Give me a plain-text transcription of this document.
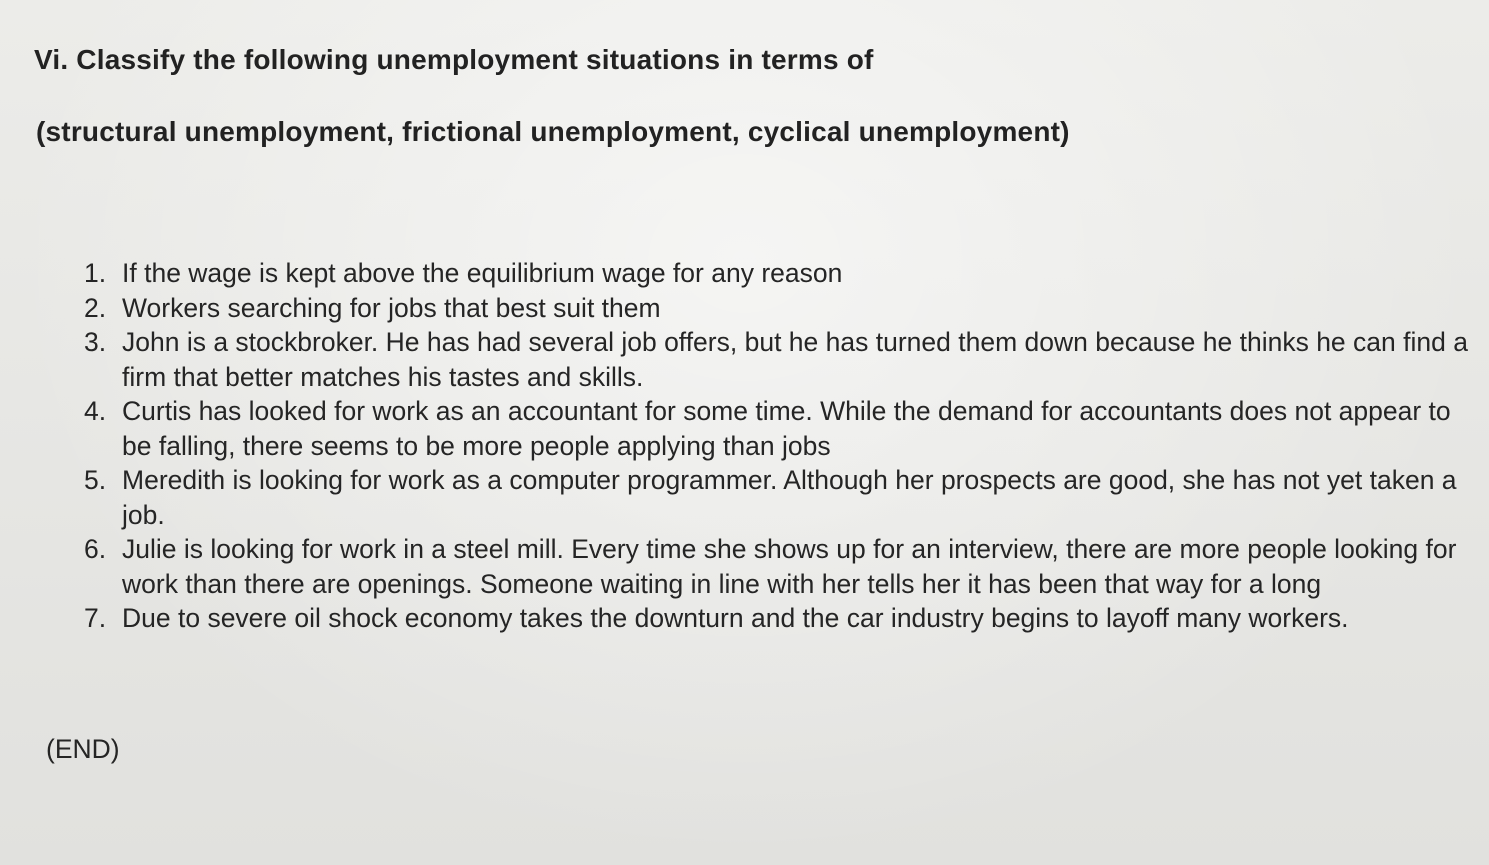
Vi. Classify the following unemployment situations in terms of
(structural unemployment, frictional unemployment, cyclical unemployment)
1. If the wage is kept above the equilibrium wage for any reason
2. Workers searching for jobs that best suit them
3. John is a stockbroker. He has had several job offers, but he has turned them down because he thinks he can find a firm that better matches his tastes and skills.
4. Curtis has looked for work as an accountant for some time. While the demand for accountants does not appear to be falling, there seems to be more people applying than jobs
5. Meredith is looking for work as a computer programmer. Although her prospects are good, she has not yet taken a job.
6. Julie is looking for work in a steel mill. Every time she shows up for an interview, there are more people looking for work than there are openings. Someone waiting in line with her tells her it has been that way for a long
7. Due to severe oil shock economy takes the downturn and the car industry begins to layoff many workers.

(END)
